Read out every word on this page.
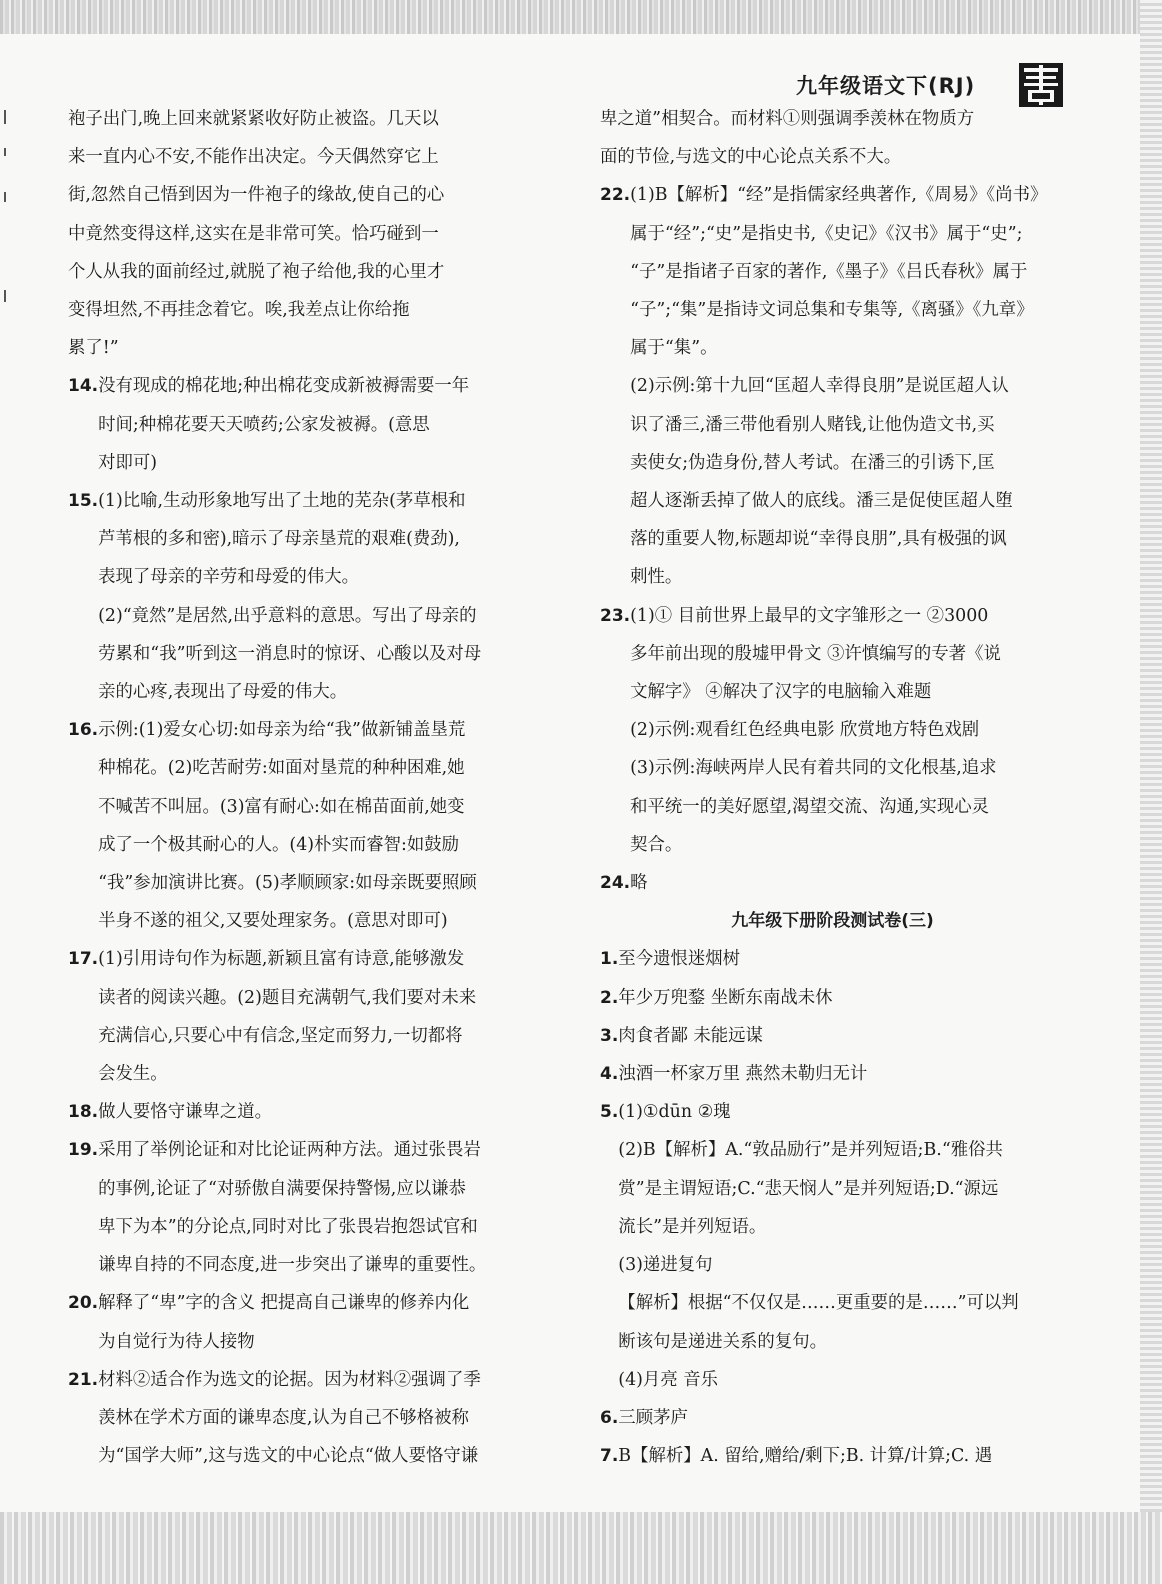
九年级语文下(RJ)
袍子出门,晚上回来就紧紧收好防止被盗。几天以
来一直内心不安,不能作出决定。今天偶然穿它上
街,忽然自己悟到因为一件袍子的缘故,使自己的心
中竟然变得这样,这实在是非常可笑。恰巧碰到一
个人从我的面前经过,就脱了袍子给他,我的心里才
变得坦然,不再挂念着它。唉,我差点让你给拖
累了!”
14.没有现成的棉花地;种出棉花变成新被褥需要一年
时间;种棉花要天天喷药;公家发被褥。(意思
对即可)
15.(1)比喻,生动形象地写出了土地的芜杂(茅草根和
芦苇根的多和密),暗示了母亲垦荒的艰难(费劲),
表现了母亲的辛劳和母爱的伟大。
(2)“竟然”是居然,出乎意料的意思。写出了母亲的
劳累和“我”听到这一消息时的惊讶、心酸以及对母
亲的心疼,表现出了母爱的伟大。
16.示例:(1)爱女心切:如母亲为给“我”做新铺盖垦荒
种棉花。(2)吃苦耐劳:如面对垦荒的种种困难,她
不喊苦不叫屈。(3)富有耐心:如在棉苗面前,她变
成了一个极其耐心的人。(4)朴实而睿智:如鼓励
“我”参加演讲比赛。(5)孝顺顾家:如母亲既要照顾
半身不遂的祖父,又要处理家务。(意思对即可)
17.(1)引用诗句作为标题,新颖且富有诗意,能够激发
读者的阅读兴趣。(2)题目充满朝气,我们要对未来
充满信心,只要心中有信念,坚定而努力,一切都将
会发生。
18.做人要恪守谦卑之道。
19.采用了举例论证和对比论证两种方法。通过张畏岩
的事例,论证了“对骄傲自满要保持警惕,应以谦恭
卑下为本”的分论点,同时对比了张畏岩抱怨试官和
谦卑自持的不同态度,进一步突出了谦卑的重要性。
20.解释了“卑”字的含义 把提高自己谦卑的修养内化
为自觉行为待人接物
21.材料②适合作为选文的论据。因为材料②强调了季
羡林在学术方面的谦卑态度,认为自己不够格被称
为“国学大师”,这与选文的中心论点“做人要恪守谦
卑之道”相契合。而材料①则强调季羡林在物质方
面的节俭,与选文的中心论点关系不大。
22.(1)B【解析】“经”是指儒家经典著作,《周易》《尚书》
属于“经”;“史”是指史书,《史记》《汉书》属于“史”;
“子”是指诸子百家的著作,《墨子》《吕氏春秋》属于
“子”;“集”是指诗文词总集和专集等,《离骚》《九章》
属于“集”。
(2)示例:第十九回“匡超人幸得良朋”是说匡超人认
识了潘三,潘三带他看别人赌钱,让他伪造文书,买
卖使女;伪造身份,替人考试。在潘三的引诱下,匡
超人逐渐丢掉了做人的底线。潘三是促使匡超人堕
落的重要人物,标题却说“幸得良朋”,具有极强的讽
刺性。
23.(1)① 目前世界上最早的文字雏形之一 ②3000
多年前出现的殷墟甲骨文 ③许慎编写的专著《说
文解字》 ④解决了汉字的电脑输入难题
(2)示例:观看红色经典电影 欣赏地方特色戏剧
(3)示例:海峡两岸人民有着共同的文化根基,追求
和平统一的美好愿望,渴望交流、沟通,实现心灵
契合。
24.略
九年级下册阶段测试卷(三)
1.至今遗恨迷烟树
2.年少万兜鍪 坐断东南战未休
3.肉食者鄙 未能远谋
4.浊酒一杯家万里 燕然未勒归无计
5.(1)①dūn ②瑰
(2)B【解析】A.“敦品励行”是并列短语;B.“雅俗共
赏”是主谓短语;C.“悲天悯人”是并列短语;D.“源远
流长”是并列短语。
(3)递进复句
【解析】根据“不仅仅是……更重要的是……”可以判
断该句是递进关系的复句。
(4)月亮 音乐
6.三顾茅庐
7.B【解析】A. 留给,赠给/剩下;B. 计算/计算;C. 遇
